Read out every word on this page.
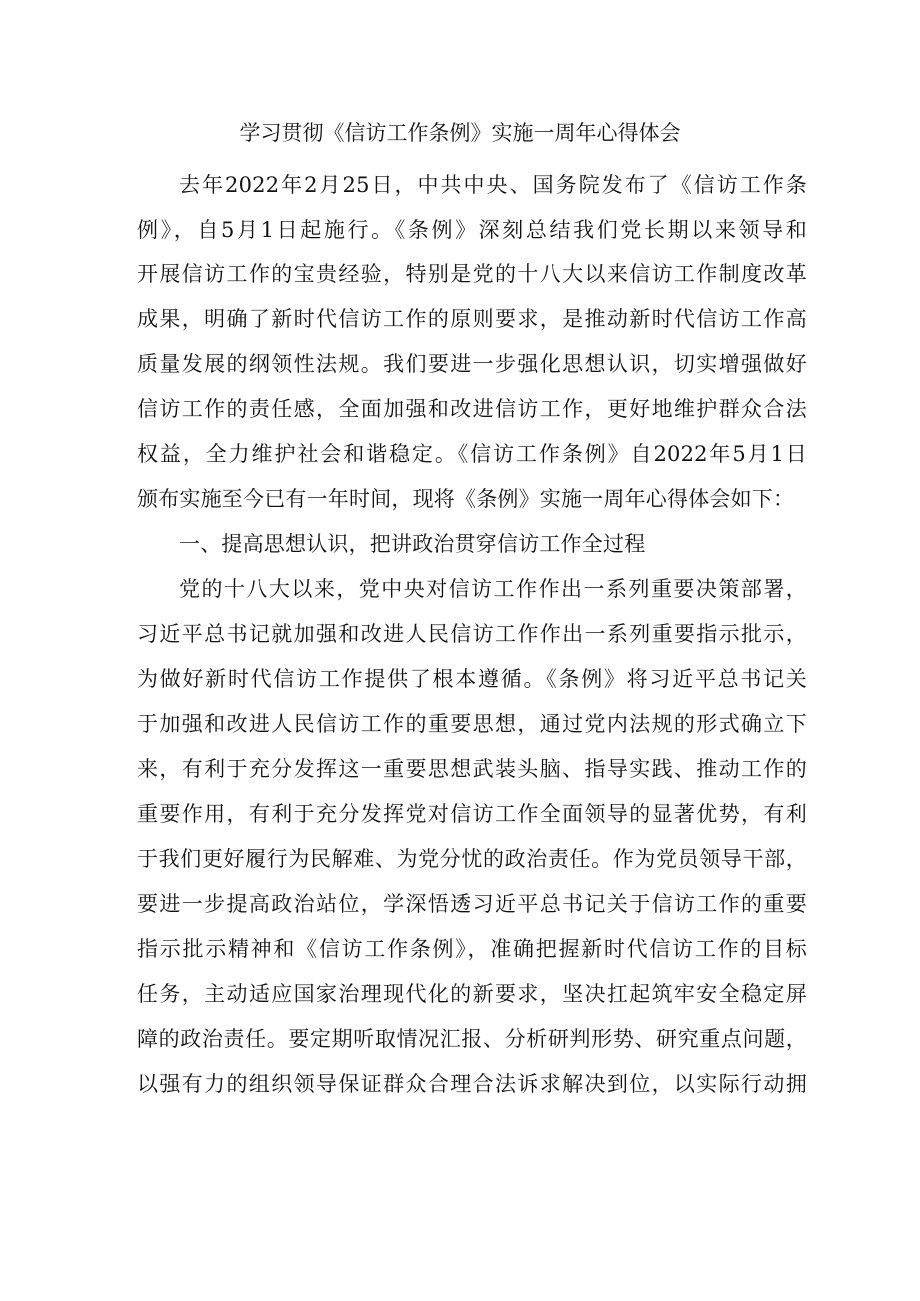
学习贯彻《信访工作条例》实施一周年心得体会
去年2022年2月25日，中共中央、国务院发布了《信访工作条
例》，自5月1日起施行。《条例》深刻总结我们党长期以来领导和
开展信访工作的宝贵经验，特别是党的十八大以来信访工作制度改革
成果，明确了新时代信访工作的原则要求，是推动新时代信访工作高
质量发展的纲领性法规。我们要进一步强化思想认识，切实增强做好
信访工作的责任感，全面加强和改进信访工作，更好地维护群众合法
权益，全力维护社会和谐稳定。《信访工作条例》自2022年5月1日
颁布实施至今已有一年时间，现将《条例》实施一周年心得体会如下：
一、提高思想认识，把讲政治贯穿信访工作全过程
党的十八大以来，党中央对信访工作作出一系列重要决策部署，
习近平总书记就加强和改进人民信访工作作出一系列重要指示批示，
为做好新时代信访工作提供了根本遵循。《条例》将习近平总书记关
于加强和改进人民信访工作的重要思想，通过党内法规的形式确立下
来，有利于充分发挥这一重要思想武装头脑、指导实践、推动工作的
重要作用，有利于充分发挥党对信访工作全面领导的显著优势，有利
于我们更好履行为民解难、为党分忧的政治责任。作为党员领导干部，
要进一步提高政治站位，学深悟透习近平总书记关于信访工作的重要
指示批示精神和《信访工作条例》，准确把握新时代信访工作的目标
任务，主动适应国家治理现代化的新要求，坚决扛起筑牢安全稳定屏
障的政治责任。要定期听取情况汇报、分析研判形势、研究重点问题，
以强有力的组织领导保证群众合理合法诉求解决到位，以实际行动拥
